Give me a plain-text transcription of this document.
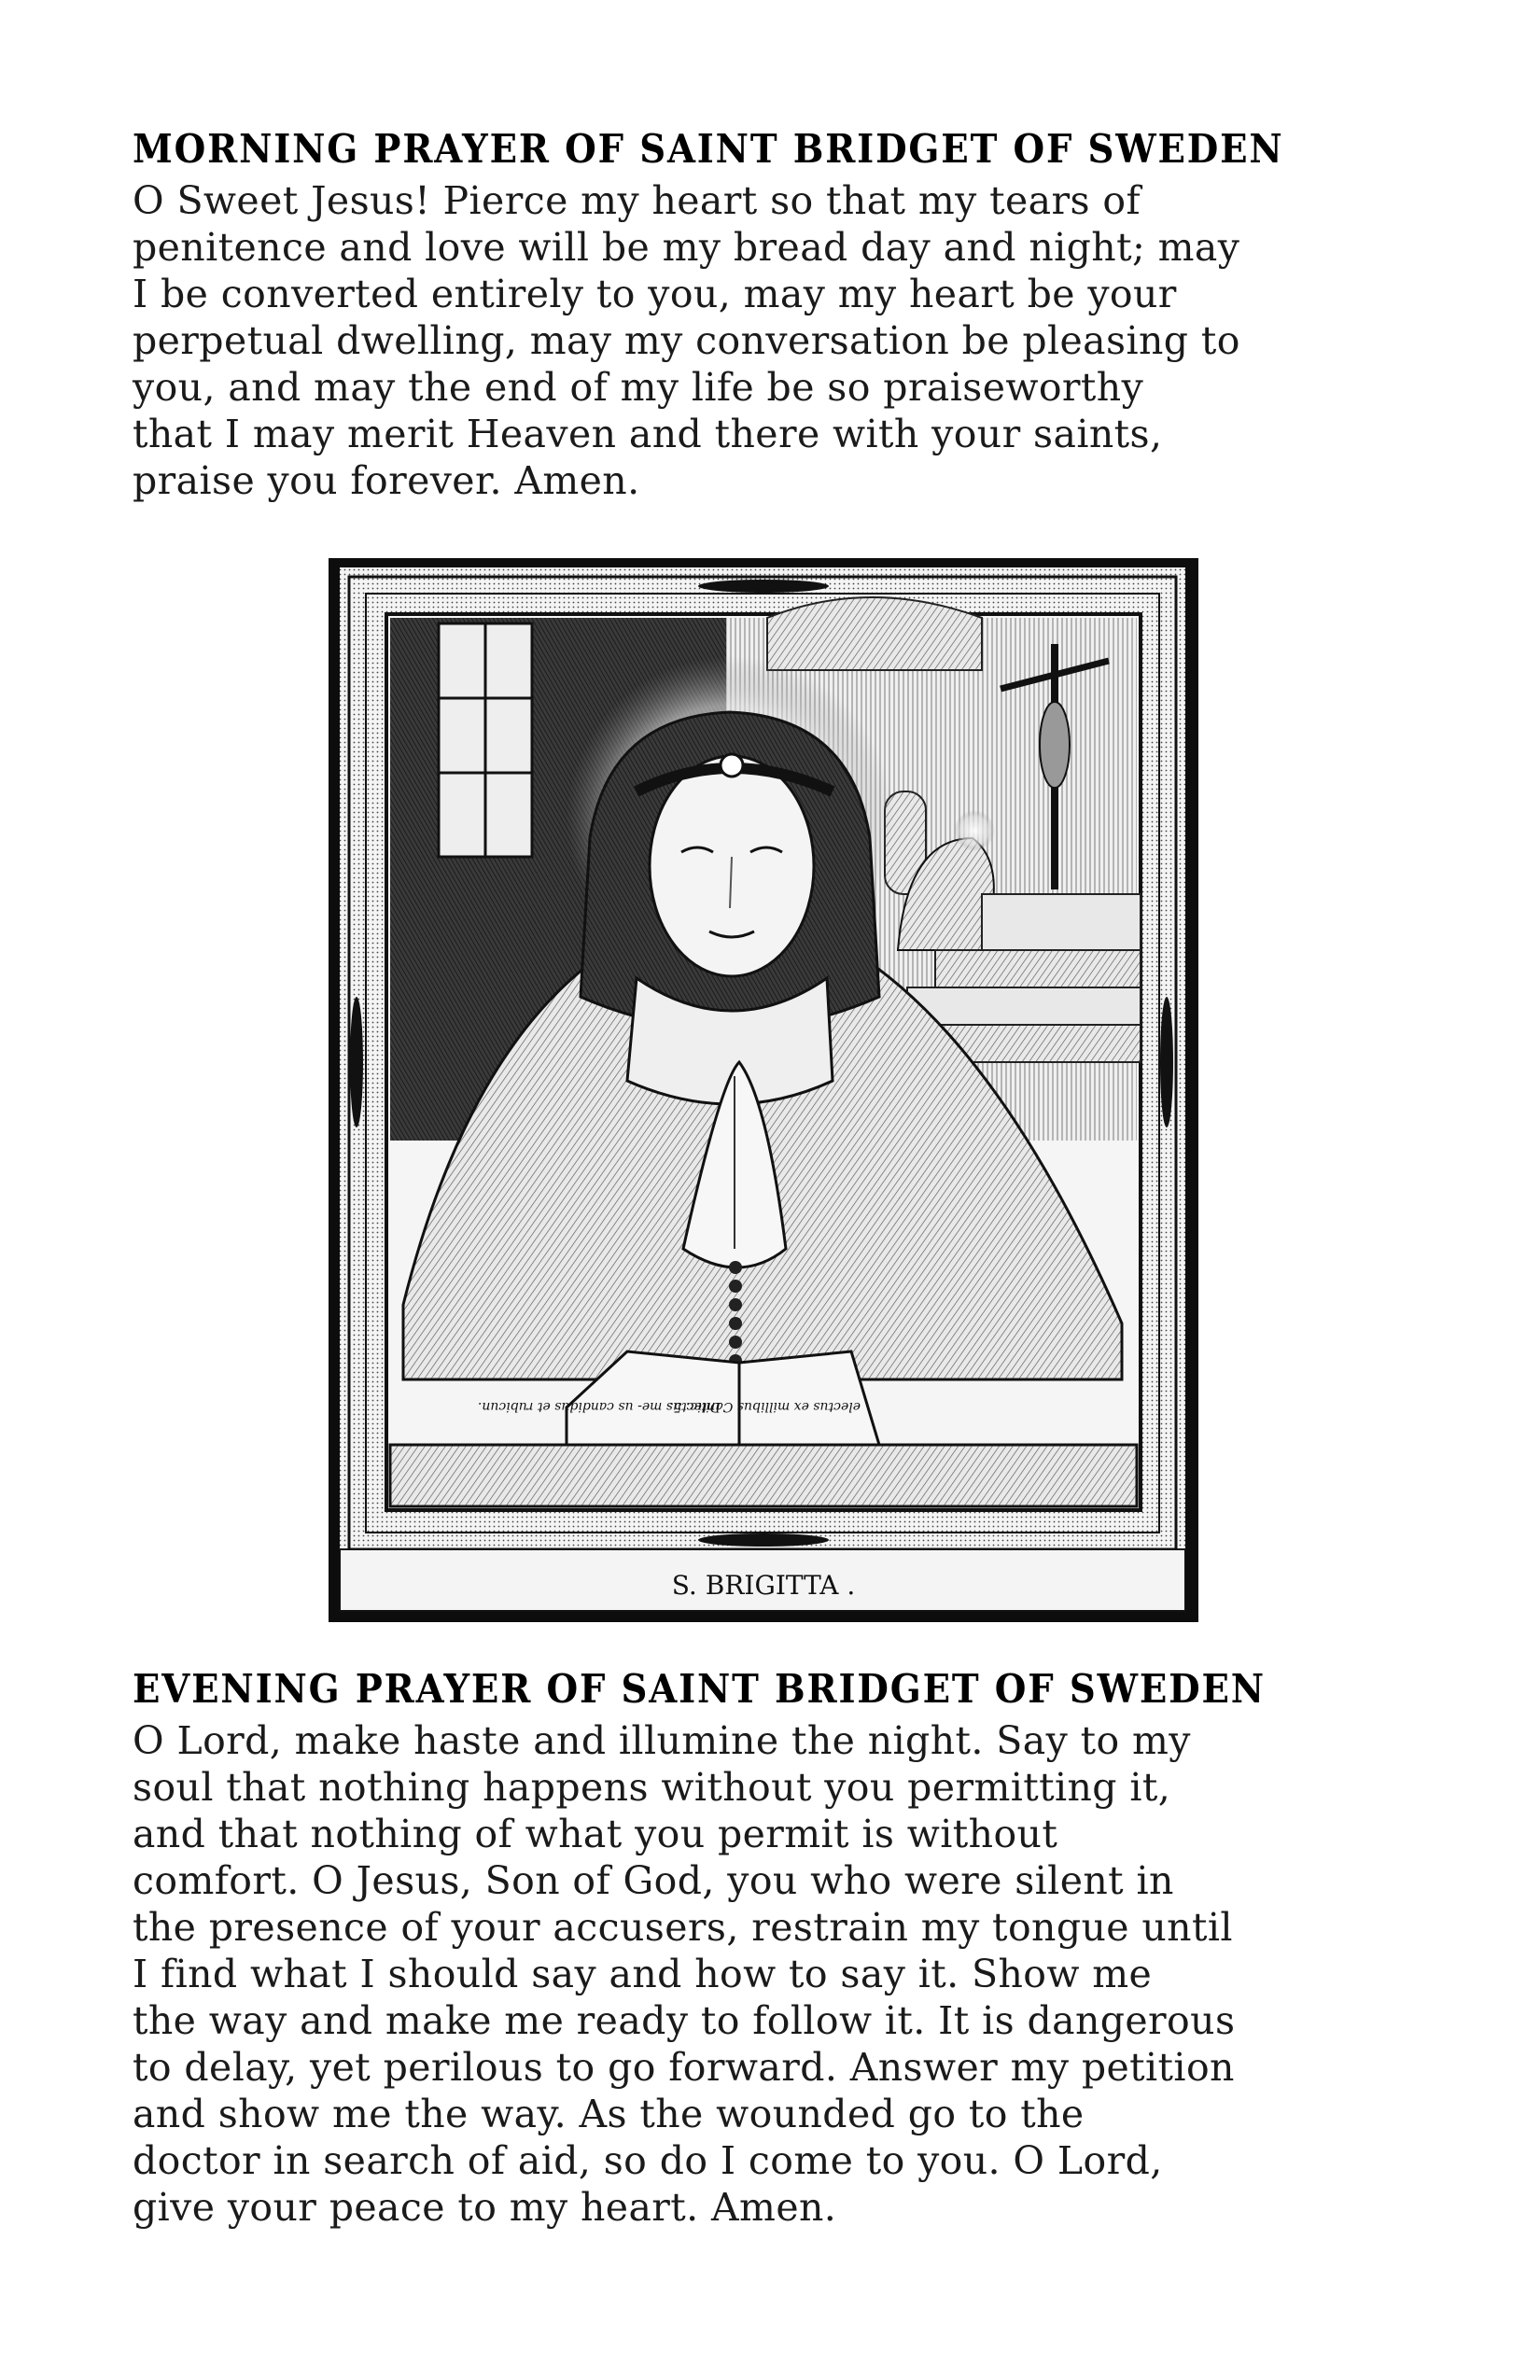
MORNING PRAYER OF SAINT BRIDGET OF SWEDEN

O Sweet Jesus! Pierce my heart so that my tears of
penitence and love will be my bread day and night; may
I be converted entirely to you, may my heart be your
perpetual dwelling, may my conversation be pleasing to
you, and may the end of my life be so praiseworthy
that I may merit Heaven and there with your saints,
praise you forever. Amen.

Dilectus me- us candidus et rubicun.
electus ex millibus Cantic. 5.
S. BRIGITTA .
EVENING PRAYER OF SAINT BRIDGET OF SWEDEN

O Lord, make haste and illumine the night. Say to my
soul that nothing happens without you permitting it,
and that nothing of what you permit is without
comfort. O Jesus, Son of God, you who were silent in
the presence of your accusers, restrain my tongue until
I find what I should say and how to say it. Show me
the way and make me ready to follow it. It is dangerous
to delay, yet perilous to go forward. Answer my petition
and show me the way. As the wounded go to the
doctor in search of aid, so do I come to you. O Lord,
give your peace to my heart. Amen.
